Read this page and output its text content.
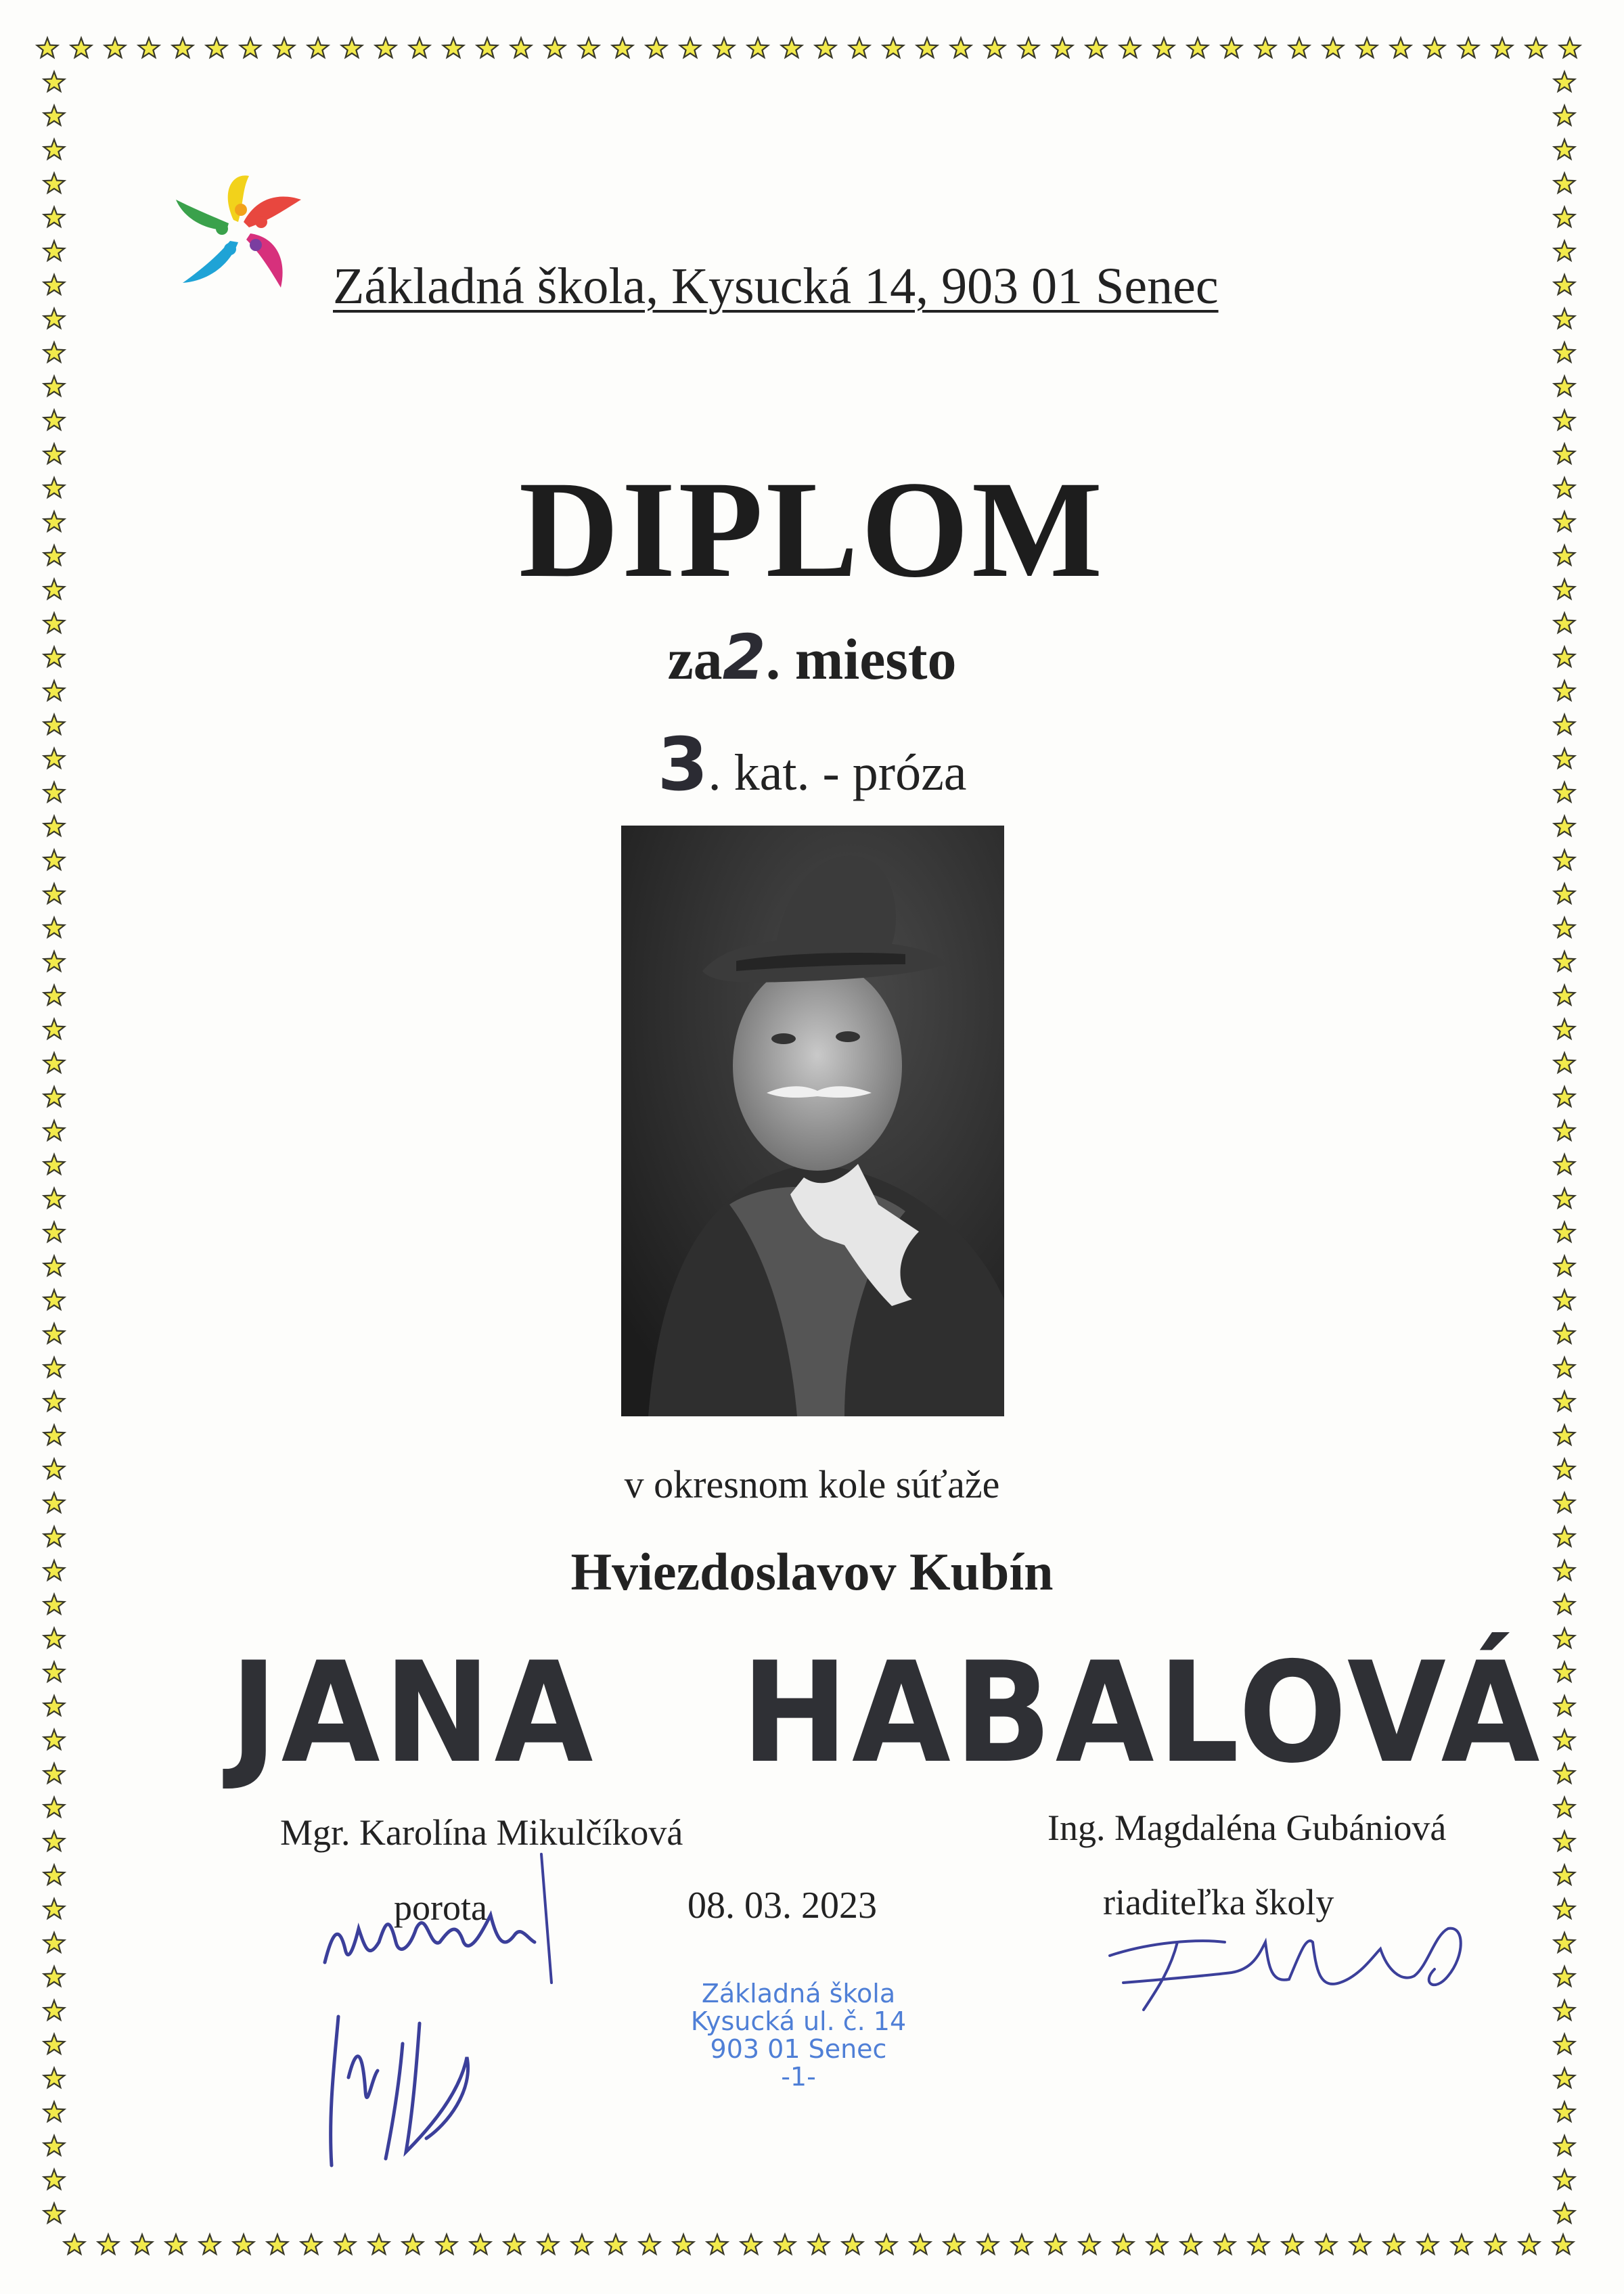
Základná škola, Kysucká 14, 903 01 Senec
DIPLOM
za2. miesto
3. kat. - próza
v okresnom kole súťaže
Hviezdoslavov Kubín
JANA   HABALOVÁ
Mgr. Karolína Mikulčíková	Ing. Magdaléna Gubániová
porota	08. 03. 2023	riaditeľka školy
Základná škola
Kysucká ul. č. 14
903 01 Senec
-1-
